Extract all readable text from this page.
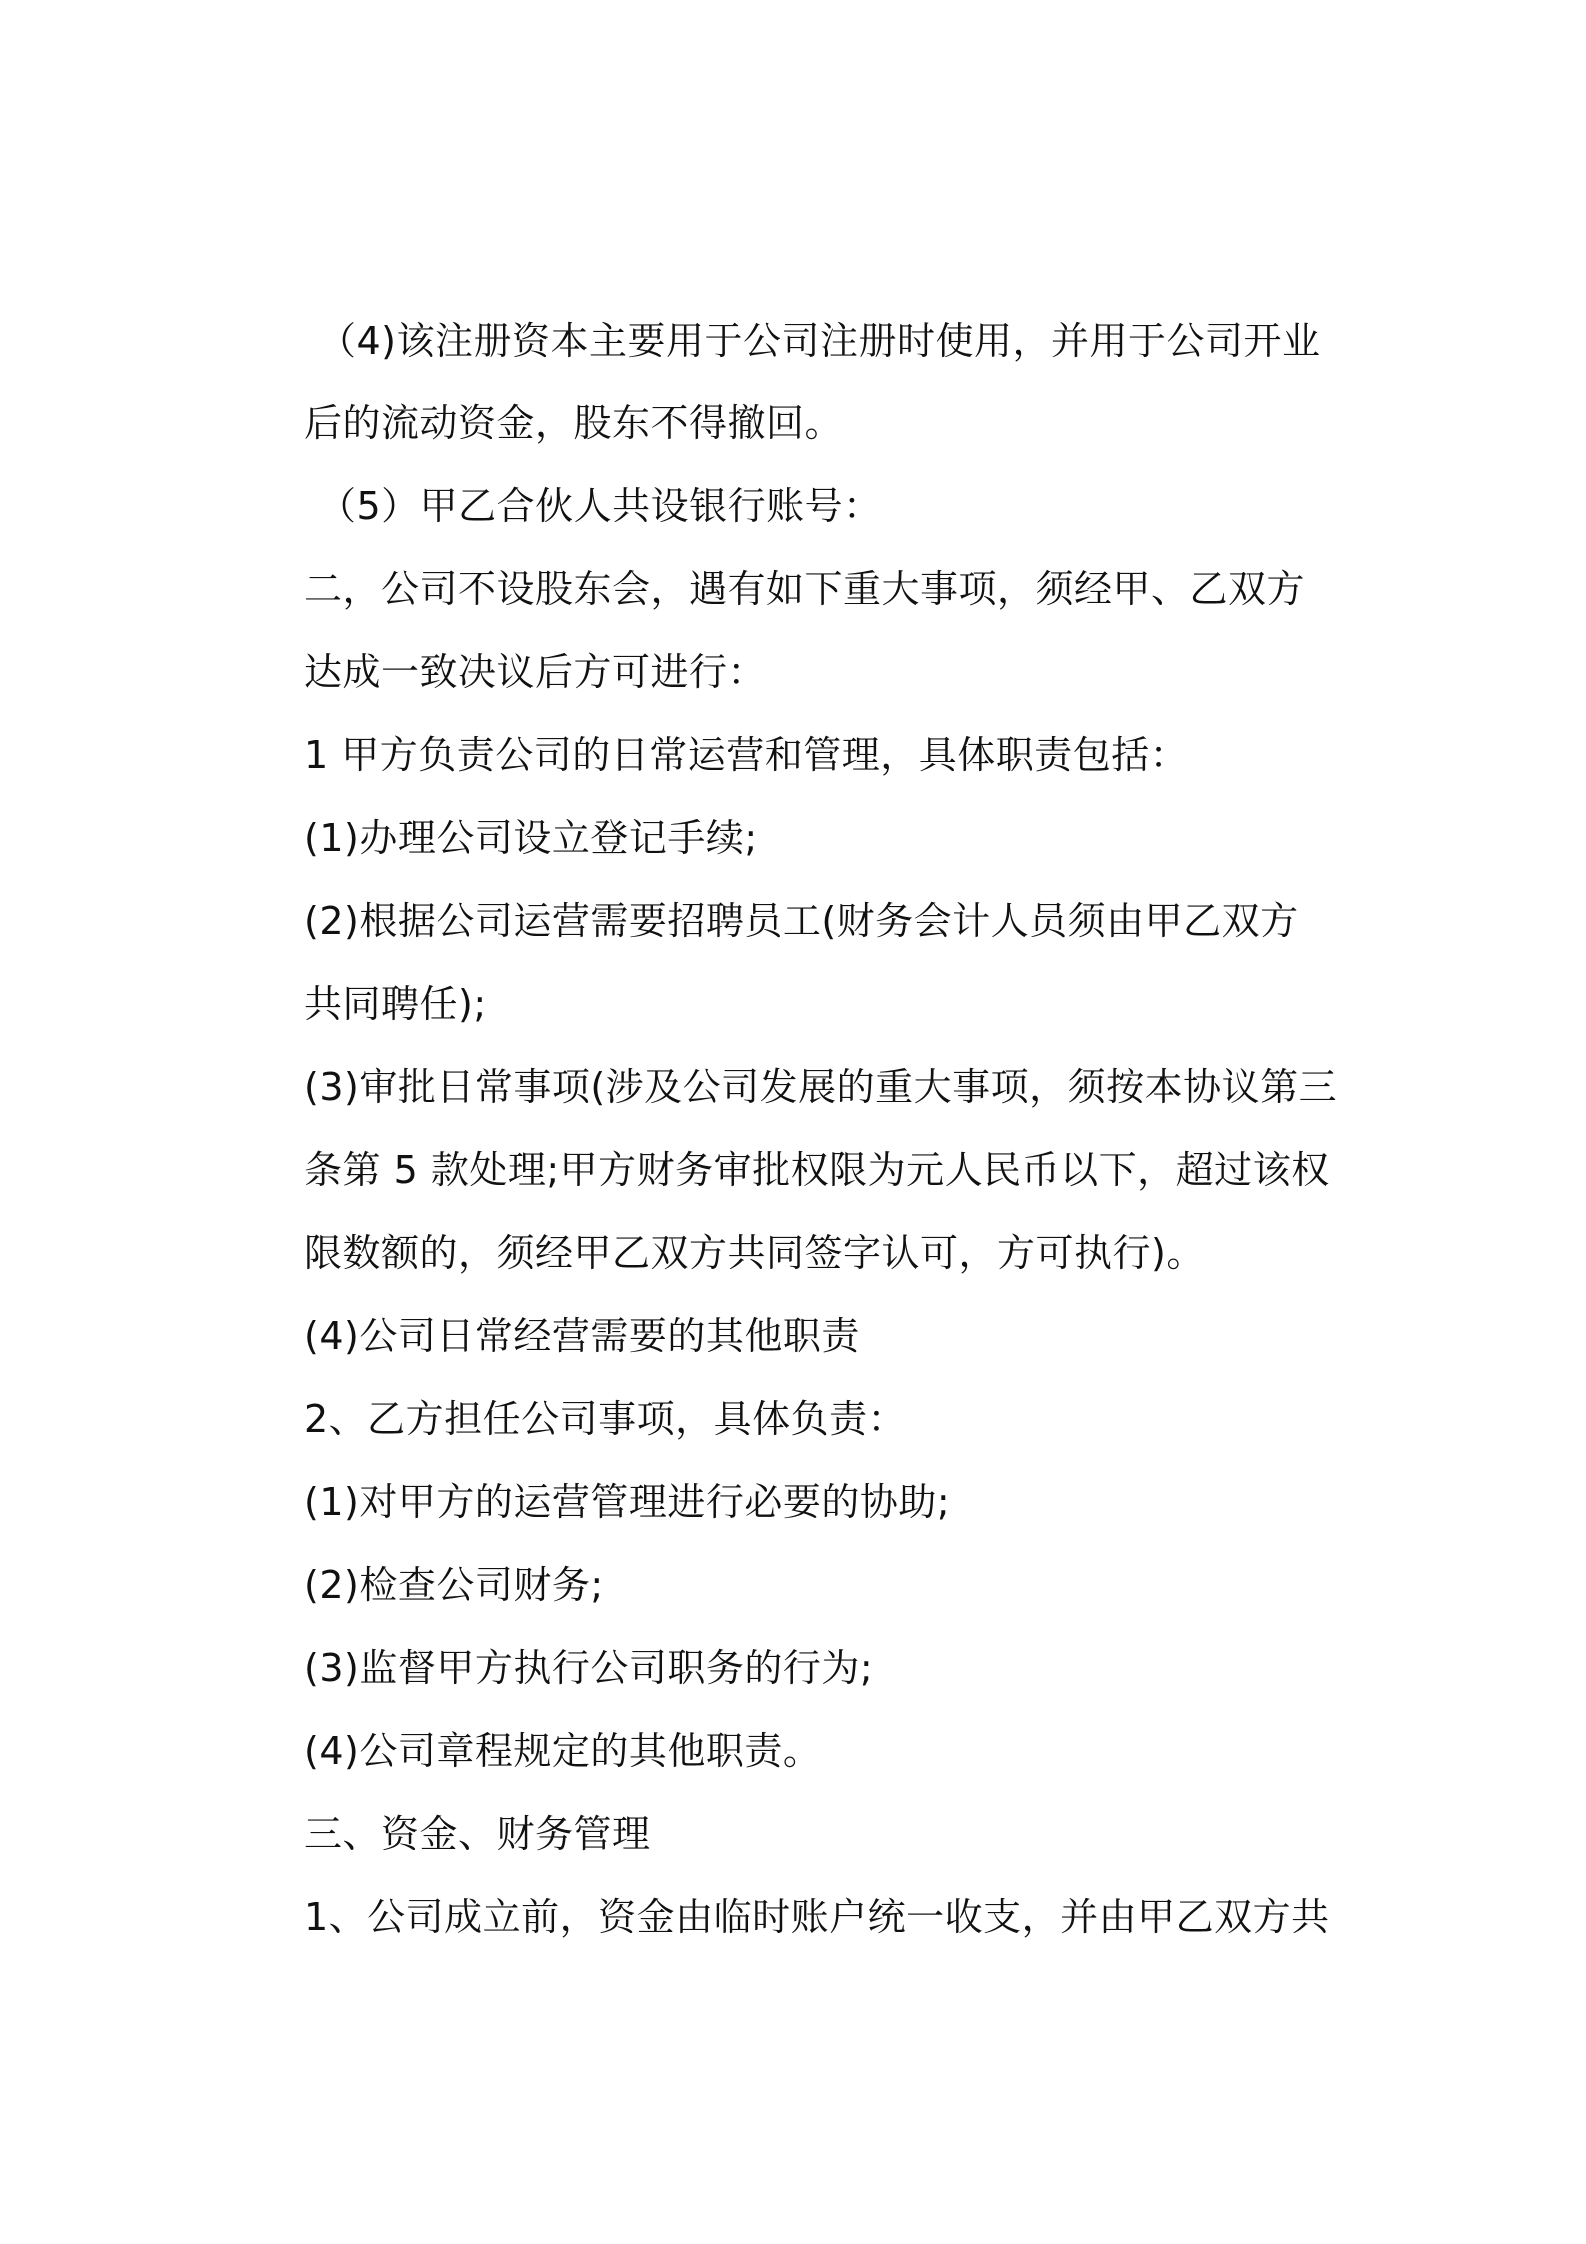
（4)该注册资本主要用于公司注册时使用，并用于公司开业
后的流动资金，股东不得撤回。
（5）甲乙合伙人共设银行账号：
二，公司不设股东会，遇有如下重大事项，须经甲、乙双方
达成一致决议后方可进行：
1 甲方负责公司的日常运营和管理，具体职责包括：
(1)办理公司设立登记手续;
(2)根据公司运营需要招聘员工(财务会计人员须由甲乙双方
共同聘任);
(3)审批日常事项(涉及公司发展的重大事项，须按本协议第三
条第 5 款处理;甲方财务审批权限为元人民币以下，超过该权
限数额的，须经甲乙双方共同签字认可，方可执行)。
(4)公司日常经营需要的其他职责
2、乙方担任公司事项，具体负责：
(1)对甲方的运营管理进行必要的协助;
(2)检查公司财务;
(3)监督甲方执行公司职务的行为;
(4)公司章程规定的其他职责。
三、资金、财务管理
1、公司成立前，资金由临时账户统一收支，并由甲乙双方共
